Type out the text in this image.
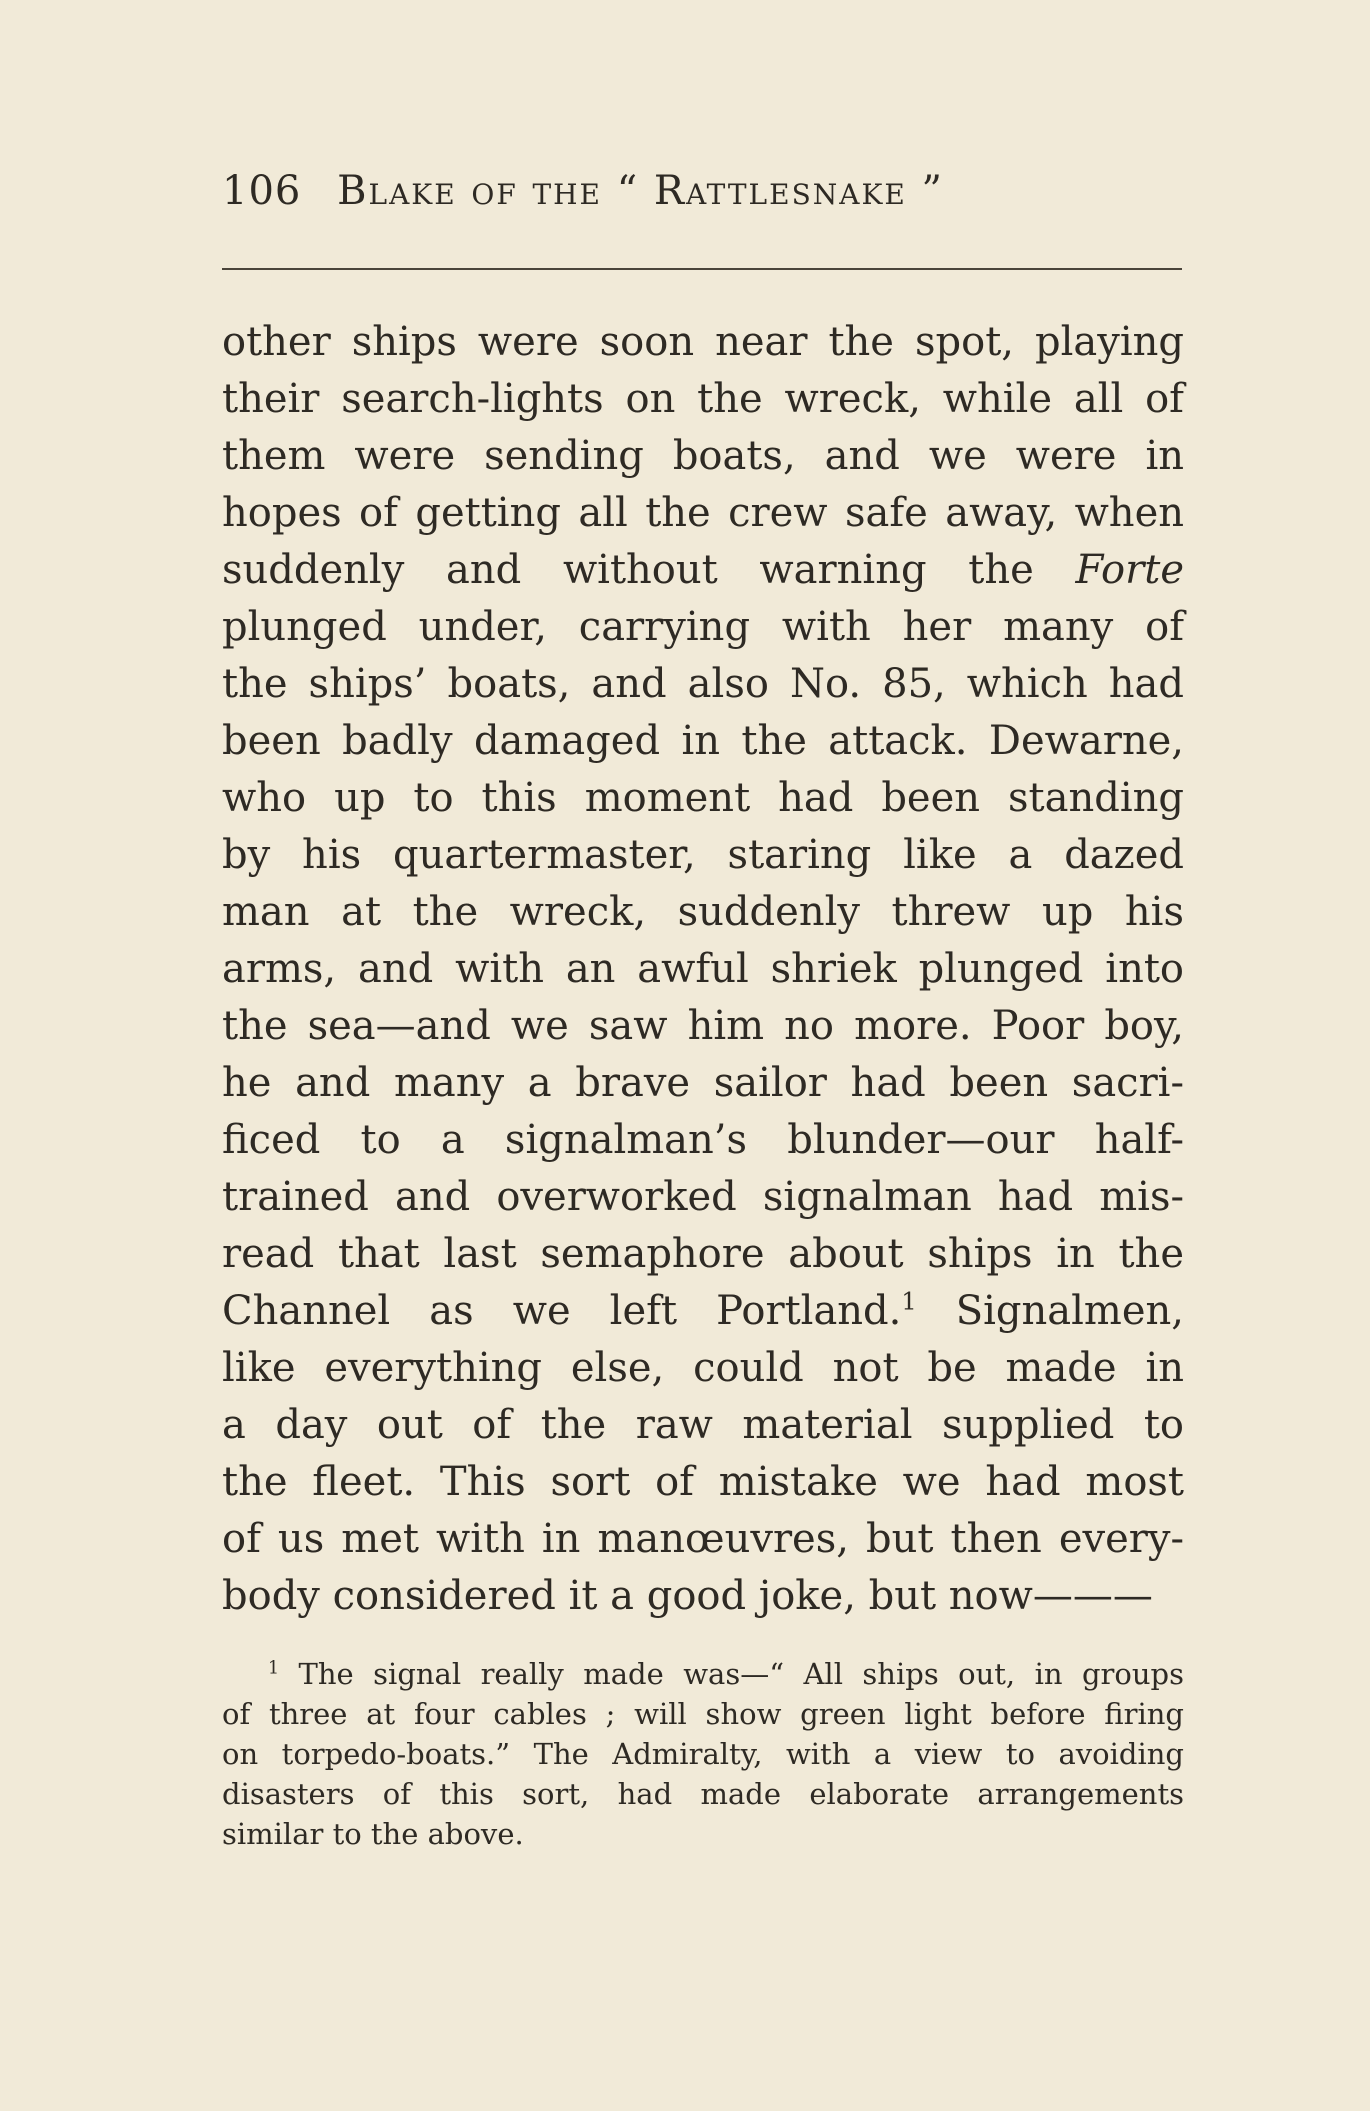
106 Blake of the “ Rattlesnake ”
other ships were soon near the spot, playing
their search-lights on the wreck, while all of
them were sending boats, and we were in
hopes of getting all the crew safe away, when
suddenly and without warning the Forte
plunged under, carrying with her many of
the ships’ boats, and also No. 85, which had
been badly damaged in the attack. Dewarne,
who up to this moment had been standing
by his quartermaster, staring like a dazed
man at the wreck, suddenly threw up his
arms, and with an awful shriek plunged into
the sea—and we saw him no more. Poor boy,
he and many a brave sailor had been sacri-
ficed to a signalman’s blunder—our half-
trained and overworked signalman had mis-
read that last semaphore about ships in the
Channel as we left Portland.$^1$ Signalmen,
like everything else, could not be made in
a day out of the raw material supplied to
the fleet. This sort of mistake we had most
of us met with in manœuvres, but then every-
body considered it a good joke, but now———
$^1$ The signal really made was—“ All ships out, in groups
of three at four cables ; will show green light before firing
on torpedo-boats.” The Admiralty, with a view to avoiding
disasters of this sort, had made elaborate arrangements
similar to the above.
